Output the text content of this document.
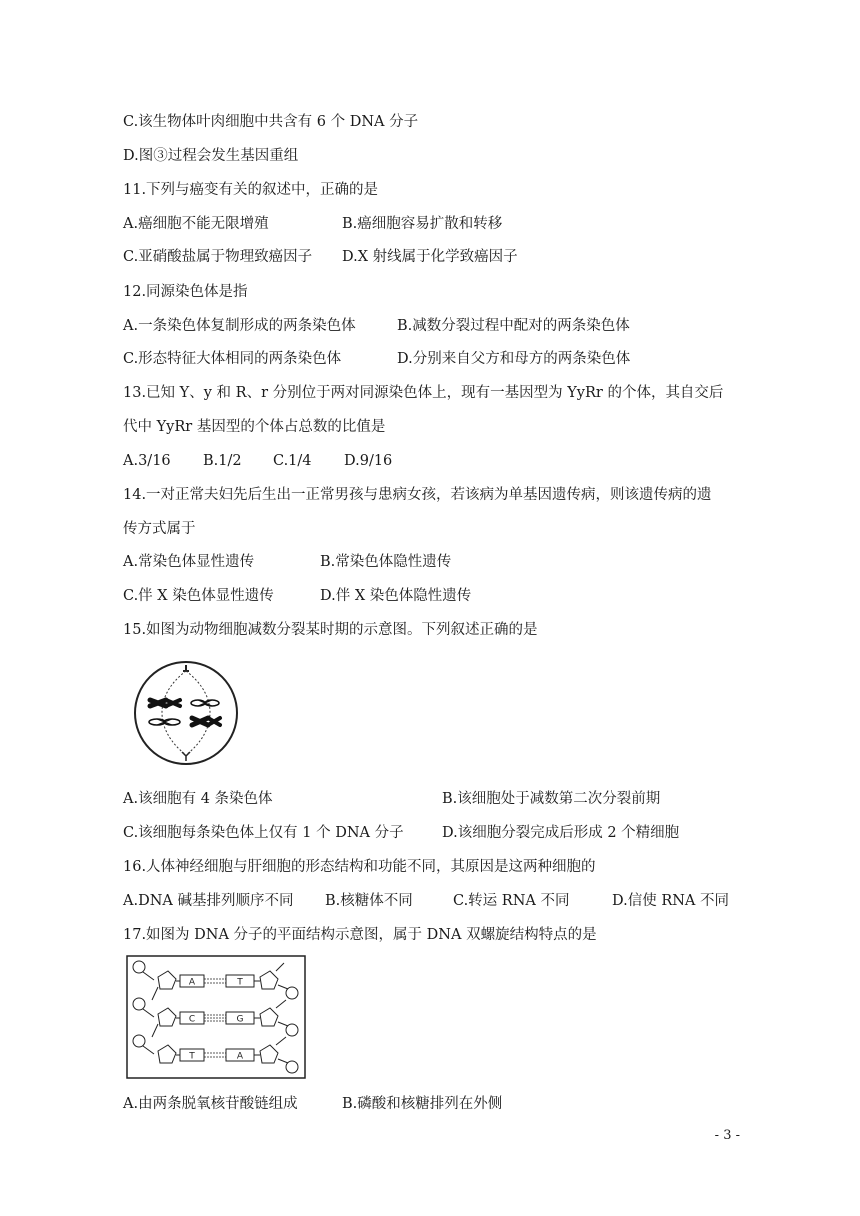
C.该生物体叶肉细胞中共含有 6 个 DNA 分子
D.图③过程会发生基因重组
11.下列与癌变有关的叙述中，正确的是
A.癌细胞不能无限增殖	B.癌细胞容易扩散和转移
C.亚硝酸盐属于物理致癌因子 D.X 射线属于化学致癌因子
12.同源染色体是指
A.一条染色体复制形成的两条染色体	B.减数分裂过程中配对的两条染色体
C.形态特征大体相同的两条染色体	D.分别来自父方和母方的两条染色体
13.已知 Y、y 和 R、r 分别位于两对同源染色体上，现有一基因型为 YyRr 的个体，其自交后
代中 YyRr 基因型的个体占总数的比值是
A.3/16 B.1/2 C.1/4 D.9/16
14.一对正常夫妇先后生出一正常男孩与患病女孩，若该病为单基因遗传病，则该遗传病的遗
传方式属于
A.常染色体显性遗传	B.常染色体隐性遗传
C.伴 X 染色体显性遗传	D.伴 X 染色体隐性遗传
15.如图为动物细胞减数分裂某时期的示意图。下列叙述正确的是
A.该细胞有 4 条染色体	B.该细胞处于减数第二次分裂前期
C.该细胞每条染色体上仅有 1 个 DNA 分子	D.该细胞分裂完成后形成 2 个精细胞
16.人体神经细胞与肝细胞的形态结构和功能不同，其原因是这两种细胞的
A.DNA 碱基排列顺序不同 B.核糖体不同	C.转运 RNA 不同	D.信使 RNA 不同
17.如图为 DNA 分子的平面结构示意图，属于 DNA 双螺旋结构特点的是
A	T
C	G
T	A
A.由两条脱氧核苷酸链组成	B.磷酸和核糖排列在外侧
- 3 -
